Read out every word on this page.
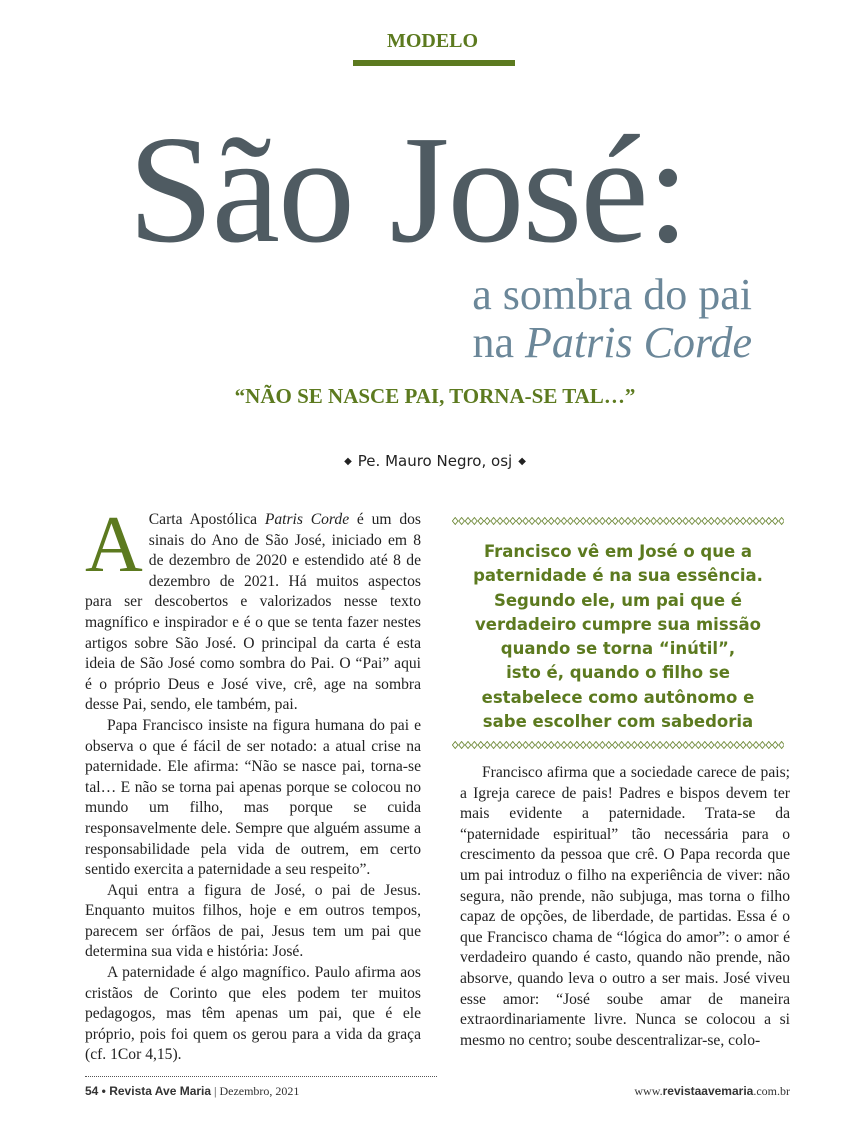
MODELO
São José:
a sombra do pai
na Patris Corde
“NÃO SE NASCE PAI, TORNA-SE TAL…”
◆ Pe. Mauro Negro, osj ◆

A Carta Apostólica Patris Corde é um dos sinais do Ano de São José, iniciado em 8 de dezembro de 2020 e estendido até 8 de dezembro de 2021. Há muitos aspectos para ser descobertos e valorizados nesse texto magnífico e inspirador e é o que se tenta fazer nestes artigos sobre São José. O principal da carta é esta ideia de São José como sombra do Pai. O “Pai” aqui é o próprio Deus e José vive, crê, age na sombra desse Pai, sendo, ele também, pai.

Papa Francisco insiste na figura humana do pai e observa o que é fácil de ser notado: a atual crise na paternidade. Ele afirma: “Não se nasce pai, torna-se tal… E não se torna pai apenas porque se colocou no mundo um filho, mas porque se cuida responsavelmente dele. Sempre que alguém assume a responsabilidade pela vida de outrem, em certo sentido exercita a paternidade a seu respeito”.

Aqui entra a figura de José, o pai de Jesus. Enquanto muitos filhos, hoje e em outros tempos, parecem ser órfãos de pai, Jesus tem um pai que determina sua vida e história: José.

A paternidade é algo magnífico. Paulo afirma aos cristãos de Corinto que eles podem ter muitos pedagogos, mas têm apenas um pai, que é ele próprio, pois foi quem os gerou para a vida da graça (cf. 1Cor 4,15).

Francisco vê em José o que a
paternidade é na sua essência.
Segundo ele, um pai que é
verdadeiro cumpre sua missão
quando se torna “inútil”,
isto é, quando o filho se
estabelece como autônomo e
sabe escolher com sabedoria

Francisco afirma que a sociedade carece de pais; a Igreja carece de pais! Padres e bispos devem ter mais evidente a paternidade. Trata-se da “paternidade espiritual” tão necessária para o crescimento da pessoa que crê. O Papa recorda que um pai introduz o filho na experiência de viver: não segura, não prende, não subjuga, mas torna o filho capaz de opções, de liberdade, de partidas. Essa é o que Francisco chama de “lógica do amor”: o amor é verdadeiro quando é casto, quando não prende, não absorve, quando leva o outro a ser mais. José viveu esse amor: “José soube amar de maneira extraordinariamente livre. Nunca se colocou a si mesmo no centro; soube descentralizar-se, colo-

54 • Revista Ave Maria | Dezembro, 2021	www.revistaavemaria.com.br
